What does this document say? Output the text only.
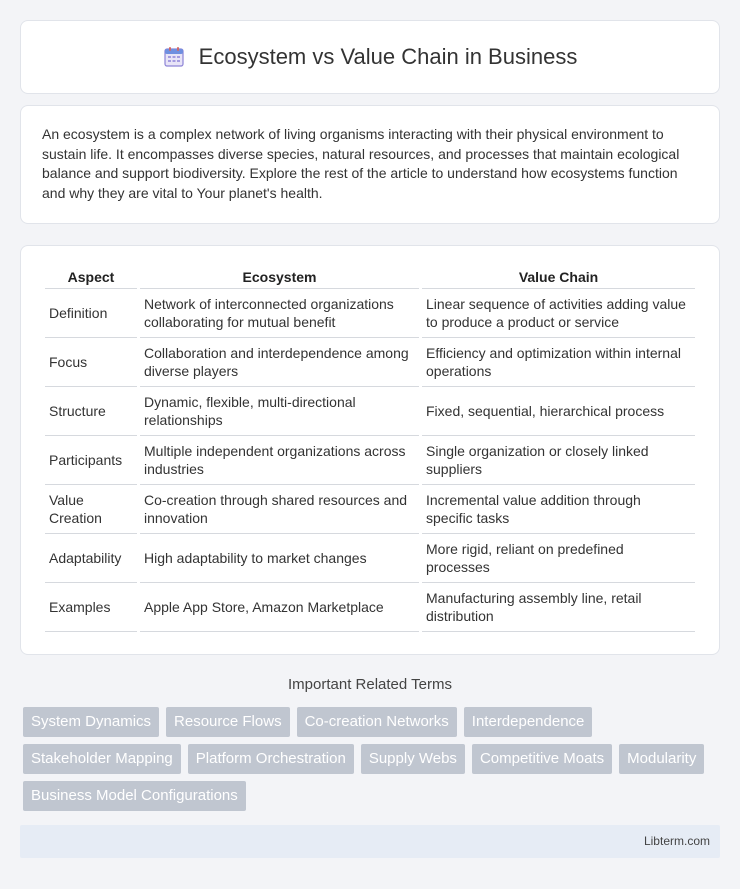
Ecosystem vs Value Chain in Business

An ecosystem is a complex network of living organisms interacting with their physical environment to sustain life. It encompasses diverse species, natural resources, and processes that maintain ecological balance and support biodiversity. Explore the rest of the article to understand how ecosystems function and why they are vital to Your planet's health.

Aspect	Ecosystem	Value Chain
Definition	Network of interconnected organizations collaborating for mutual benefit	Linear sequence of activities adding value to produce a product or service
Focus	Collaboration and interdependence among diverse players	Efficiency and optimization within internal operations
Structure	Dynamic, flexible, multi-directional relationships	Fixed, sequential, hierarchical process
Participants	Multiple independent organizations across industries	Single organization or closely linked suppliers
Value Creation	Co-creation through shared resources and innovation	Incremental value addition through specific tasks
Adaptability	High adaptability to market changes	More rigid, reliant on predefined processes
Examples	Apple App Store, Amazon Marketplace	Manufacturing assembly line, retail distribution
Important Related Terms
System Dynamics	Resource Flows	Co-creation Networks	Interdependence
Stakeholder Mapping	Platform Orchestration	Supply Webs	Competitive Moats	Modularity
Business Model Configurations
Libterm.com
